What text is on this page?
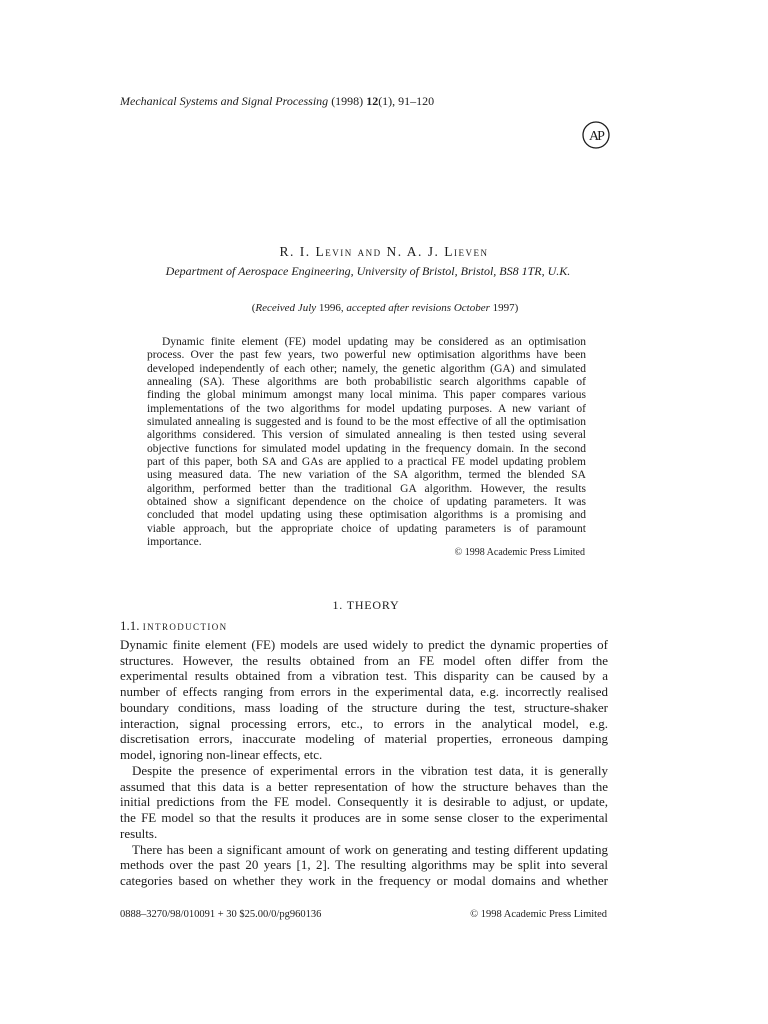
Mechanical Systems and Signal Processing (1998) 12(1), 91–120
AP
R. I. Levin and N. A. J. Lieven
Department of Aerospace Engineering, University of Bristol, Bristol, BS8 1TR, U.K.
(Received July 1996, accepted after revisions October 1997)
Dynamic finite element (FE) model updating may be considered as an optimisation
process. Over the past few years, two powerful new optimisation algorithms have been
developed independently of each other; namely, the genetic algorithm (GA) and simulated
annealing (SA). These algorithms are both probabilistic search algorithms capable of
finding the global minimum amongst many local minima. This paper compares various
implementations of the two algorithms for model updating purposes. A new variant of
simulated annealing is suggested and is found to be the most effective of all the optimisation
algorithms considered. This version of simulated annealing is then tested using several
objective functions for simulated model updating in the frequency domain. In the second
part of this paper, both SA and GAs are applied to a practical FE model updating problem
using measured data. The new variation of the SA algorithm, termed the blended SA
algorithm, performed better than the traditional GA algorithm. However, the results
obtained show a significant dependence on the choice of updating parameters. It was
concluded that model updating using these optimisation algorithms is a promising and
viable approach, but the appropriate choice of updating parameters is of paramount
importance.
© 1998 Academic Press Limited
1. THEORY
1.1. introduction
Dynamic finite element (FE) models are used widely to predict the dynamic properties of
structures. However, the results obtained from an FE model often differ from the
experimental results obtained from a vibration test. This disparity can be caused by a
number of effects ranging from errors in the experimental data, e.g. incorrectly realised
boundary conditions, mass loading of the structure during the test, structure-shaker
interaction, signal processing errors, etc., to errors in the analytical model, e.g.
discretisation errors, inaccurate modeling of material properties, erroneous damping
model, ignoring non-linear effects, etc.
Despite the presence of experimental errors in the vibration test data, it is generally
assumed that this data is a better representation of how the structure behaves than the
initial predictions from the FE model. Consequently it is desirable to adjust, or update,
the FE model so that the results it produces are in some sense closer to the experimental
results.
There has been a significant amount of work on generating and testing different updating
methods over the past 20 years [1, 2]. The resulting algorithms may be split into several
categories based on whether they work in the frequency or modal domains and whether
0888–3270/98/010091 + 30 $25.00/0/pg960136	© 1998 Academic Press Limited
